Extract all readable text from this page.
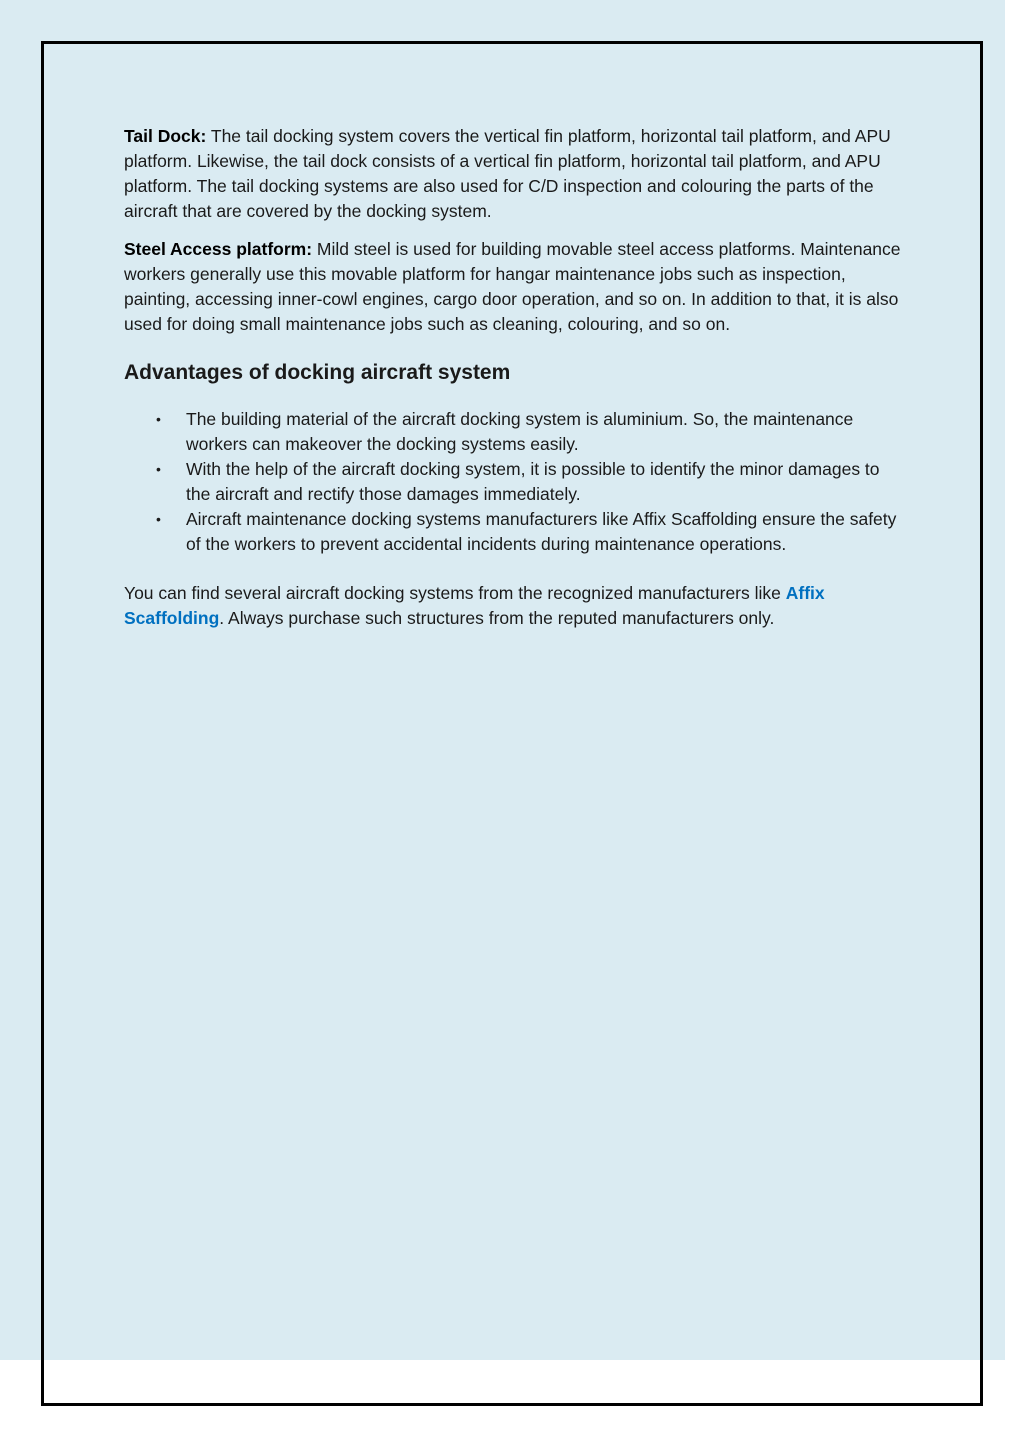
Tail Dock: The tail docking system covers the vertical fin platform, horizontal tail platform, and APU platform. Likewise, the tail dock consists of a vertical fin platform, horizontal tail platform, and APU platform. The tail docking systems are also used for C/D inspection and colouring the parts of the aircraft that are covered by the docking system.

Steel Access platform: Mild steel is used for building movable steel access platforms. Maintenance workers generally use this movable platform for hangar maintenance jobs such as inspection, painting, accessing inner-cowl engines, cargo door operation, and so on. In addition to that, it is also used for doing small maintenance jobs such as cleaning, colouring, and so on.

Advantages of docking aircraft system
• The building material of the aircraft docking system is aluminium. So, the maintenance workers can makeover the docking systems easily.
• With the help of the aircraft docking system, it is possible to identify the minor damages to the aircraft and rectify those damages immediately.
• Aircraft maintenance docking systems manufacturers like Affix Scaffolding ensure the safety of the workers to prevent accidental incidents during maintenance operations.

You can find several aircraft docking systems from the recognized manufacturers like Affix Scaffolding. Always purchase such structures from the reputed manufacturers only.
